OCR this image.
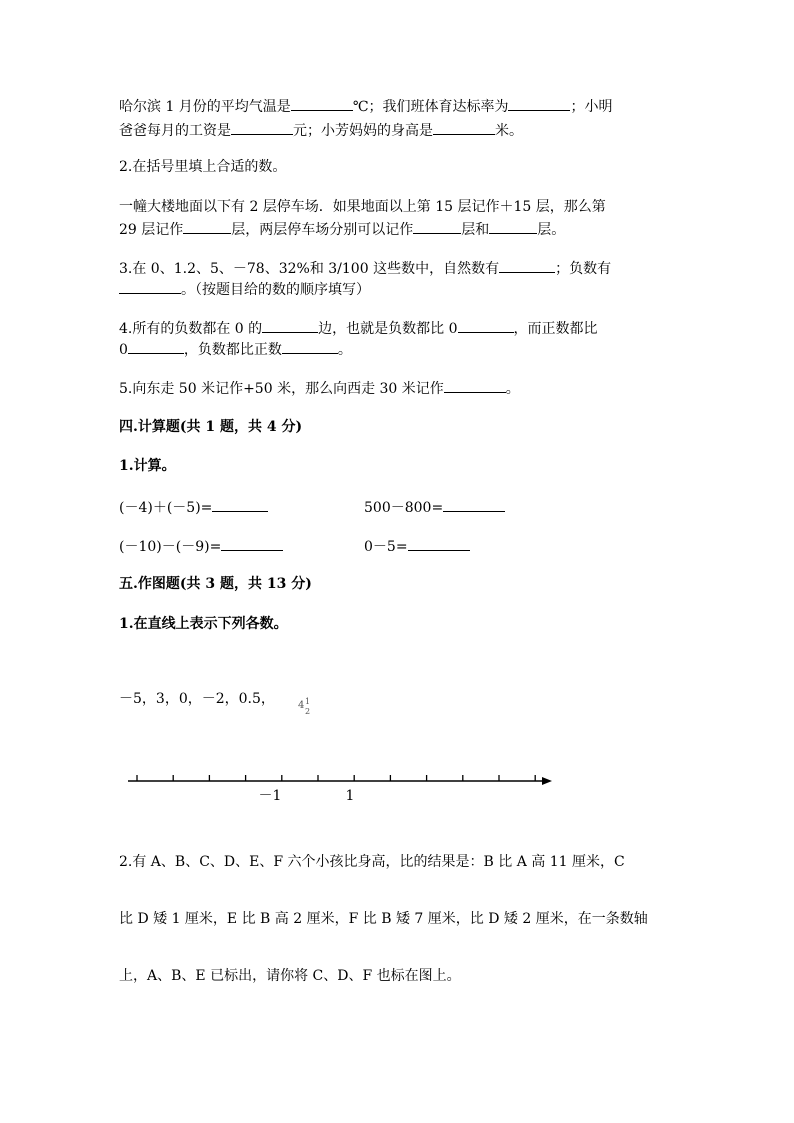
哈尔滨 1 月份的平均气温是	℃；我们班体育达标率为	；小明
爸爸每月的工资是	元；小芳妈妈的身高是	米。
2.在括号里填上合适的数。
一幢大楼地面以下有 2 层停车场．如果地面以上第 15 层记作＋15 层，那么第
29 层记作	层，两层停车场分别可以记作	层和	层。
3.在 0、1.2、5、－78、32%和 3/100 这些数中，自然数有	；负数有
。（按题目给的数的顺序填写）
4.所有的负数都在 0 的	边，也就是负数都比 0	，而正数都比
0	，负数都比正数	。
5.向东走 50 米记作+50 米，那么向西走 30 米记作	。
四.计算题(共 1 题，共 4 分)
1.计算。
(－4)＋(－5)=	500－800=
(－10)－(－9)=	0－5=
五.作图题(共 3 题，共 13 分)
1.在直线上表示下列各数。
－5，3，0，－2，0.5， 4 1
2
－1	1
2.有 A、B、C、D、E、F 六个小孩比身高，比的结果是：B 比 A 高 11 厘米，C
比 D 矮 1 厘米，E 比 B 高 2 厘米，F 比 B 矮 7 厘米，比 D 矮 2 厘米，在一条数轴
上，A、B、E 已标出，请你将 C、D、F 也标在图上。
